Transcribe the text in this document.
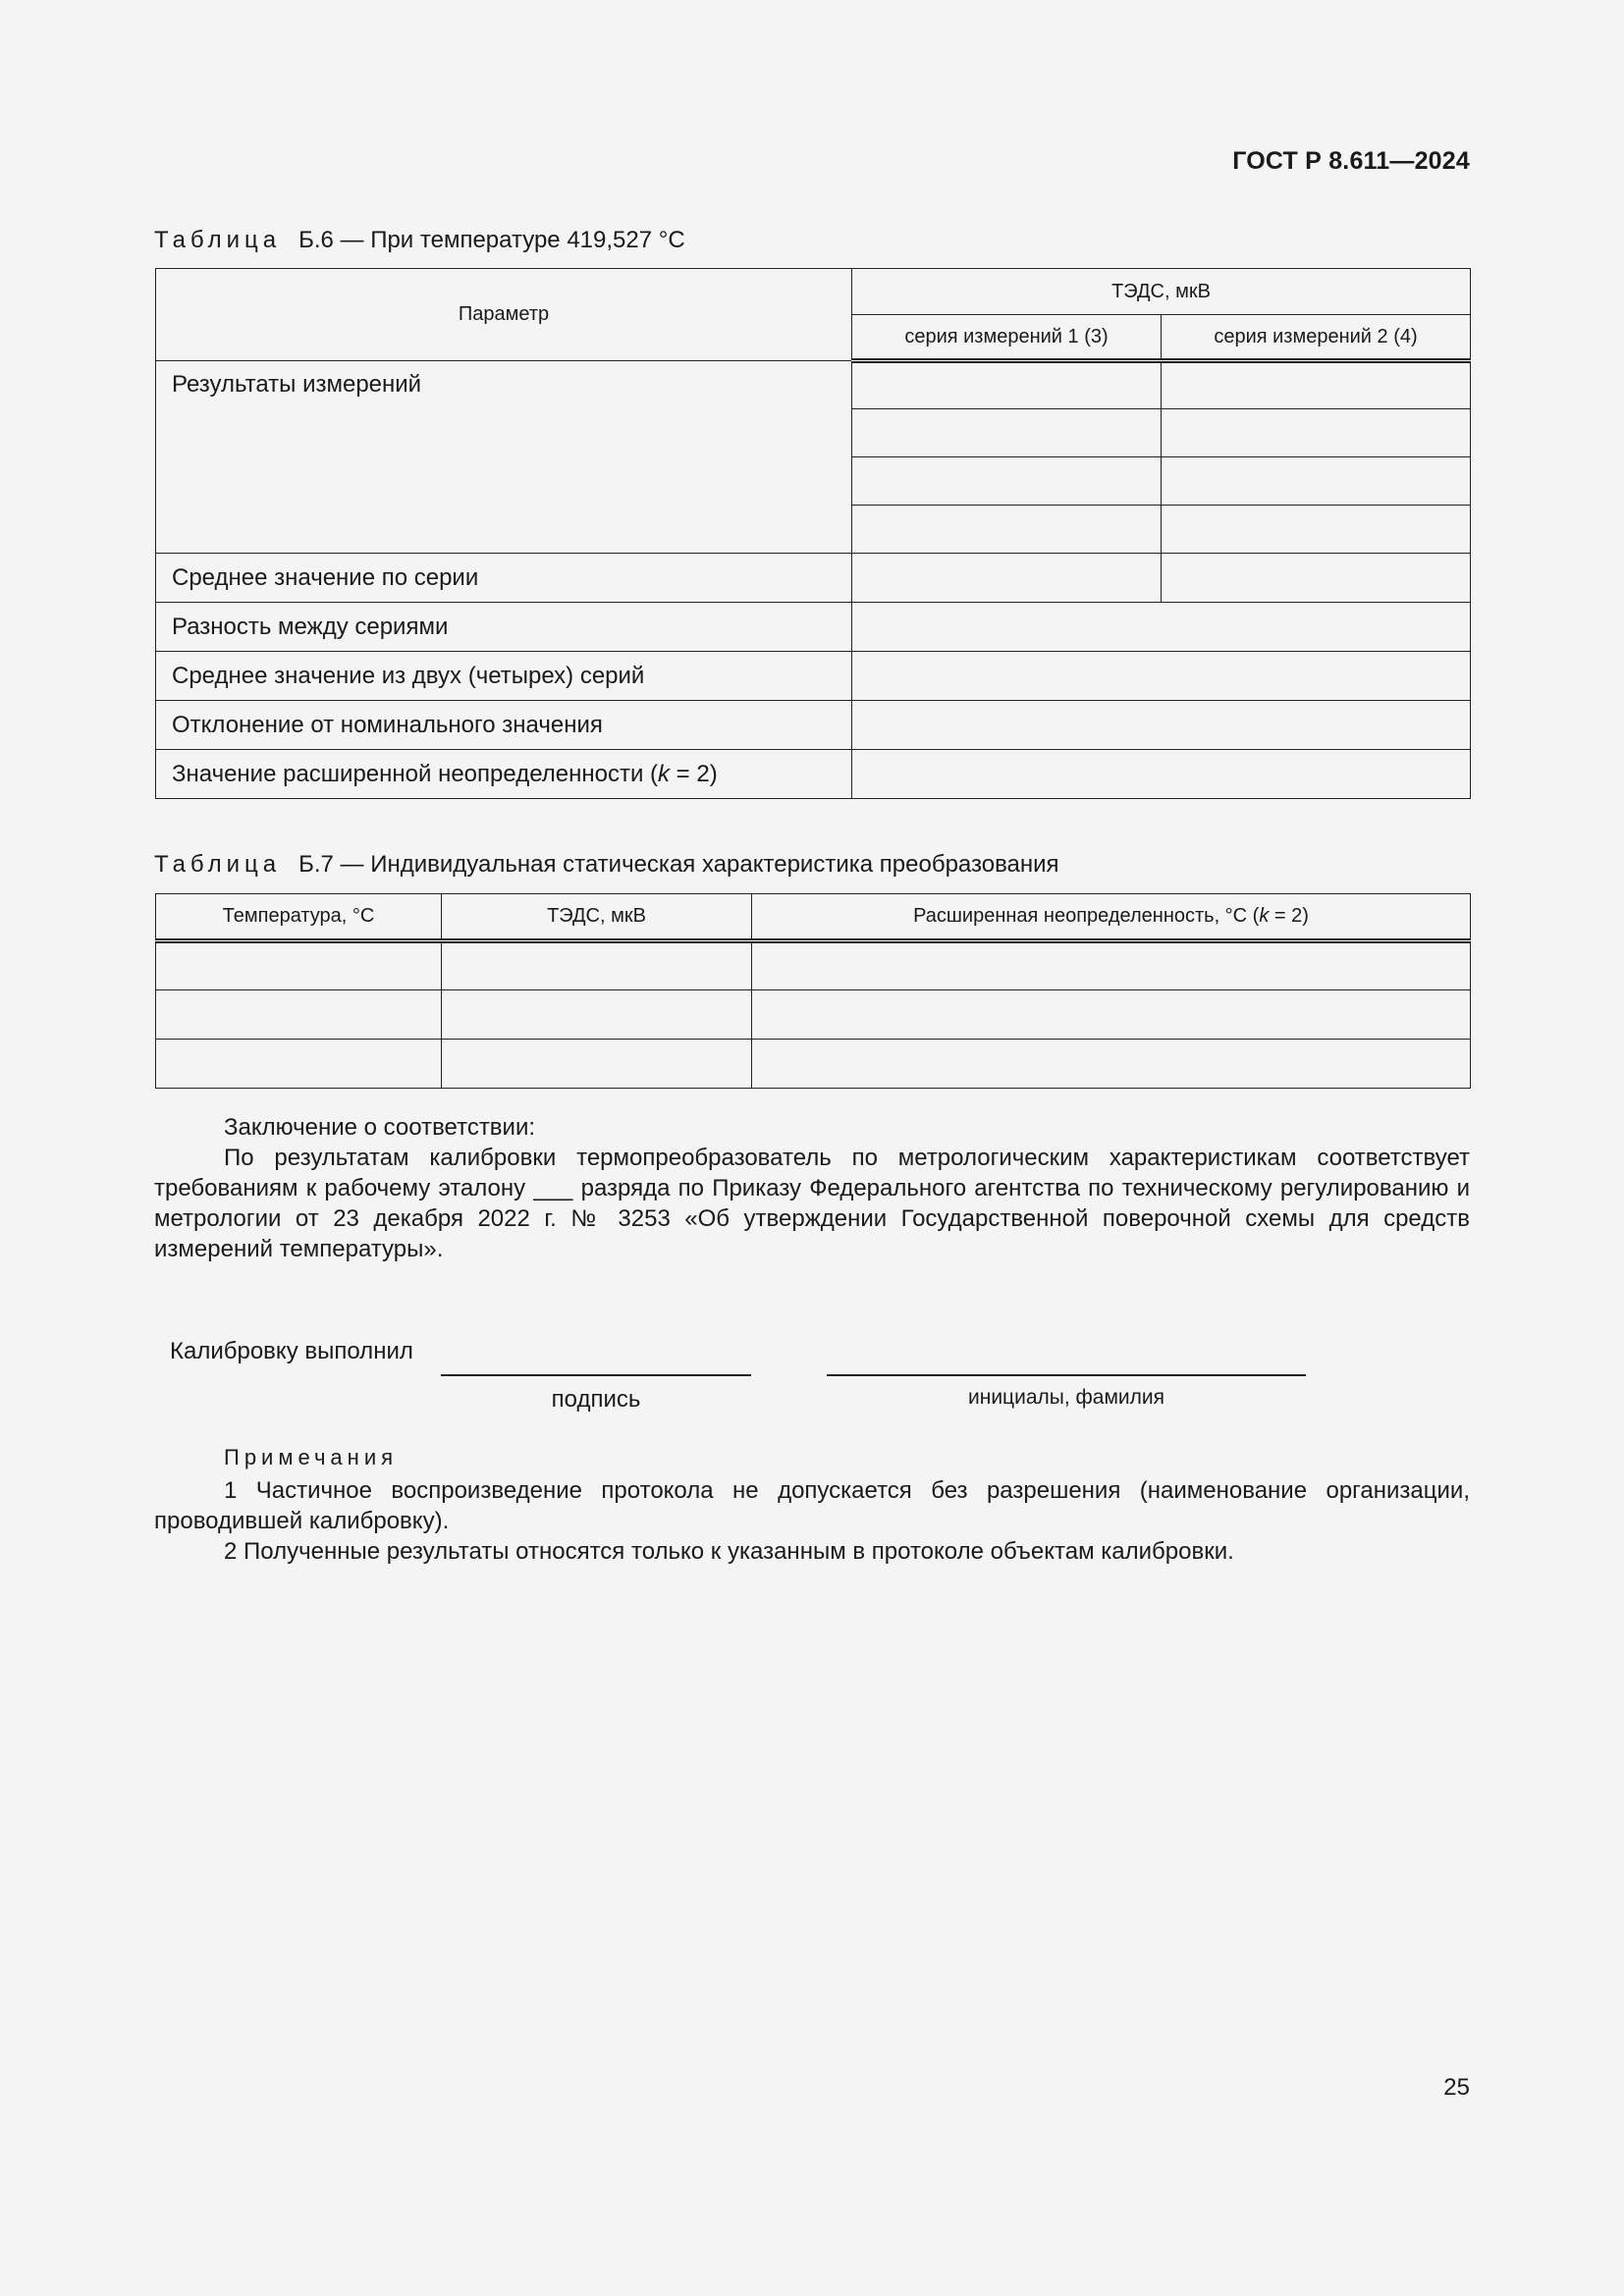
ГОСТ Р 8.611—2024
Таблица Б.6 — При температуре 419,527 °C
Параметр	ТЭДС, мкВ	
	серия измерений 1 (3)	серия измерений 2 (4)
Результаты измерений		

Среднее значение по серии		
Разность между сериями		
Среднее значение из двух (четырех) серий		
Отклонение от номинального значения		
Значение расширенной неопределенности (k = 2)		
Таблица Б.7 — Индивидуальная статическая характеристика преобразования
Температура, °C	ТЭДС, мкВ	Расширенная неопределенность, °C (k = 2)

Заключение о соответствии:
По результатам калибровки термопреобразователь по метрологическим характеристикам соответствует требованиям к рабочему эталону ___ разряда по Приказу Федерального агентства по техническому регулированию и метрологии от 23 декабря 2022 г. № 3253 «Об утверждении Государственной поверочной схемы для средств измерений температуры».
Калибровку выполнил
подпись	инициалы, фамилия
Примечания
1 Частичное воспроизведение протокола не допускается без разрешения (наименование организации, проводившей калибровку).
2 Полученные результаты относятся только к указанным в протоколе объектам калибровки.
25
